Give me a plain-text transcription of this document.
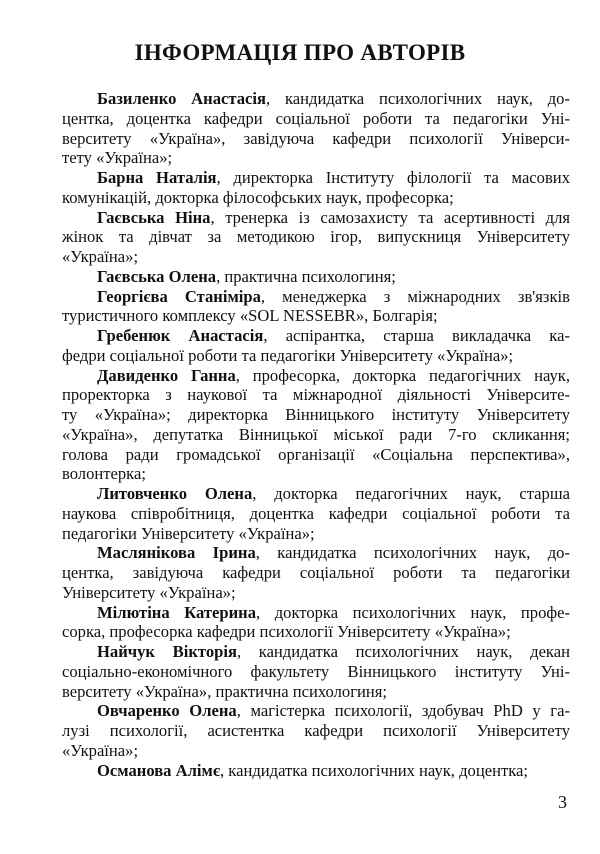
ІНФОРМАЦІЯ ПРО АВТОРІВ
Базиленко Анастасія, кандидатка психологічних наук, до-
центка, доцентка кафедри соціальної роботи та педагогіки Уні-
верситету «Україна», завідуюча кафедри психології Універси-
тету «Україна»;
Барна Наталія, директорка Інституту філології та масових
комунікацій, докторка філософських наук, професорка;
Гаєвська Ніна, тренерка із самозахисту та асертивності для
жінок та дівчат за методикою ігор, випускниця Університету
«Україна»;
Гаєвська Олена, практична психологиня;
Георгієва Станіміра, менеджерка з міжнародних зв'язків
туристичного комплексу «SOL NESSEBR», Болгарія;
Гребенюк Анастасія, аспірантка, старша викладачка ка-
федри соціальної роботи та педагогіки Університету «Україна»;
Давиденко Ганна, професорка, докторка педагогічних наук,
проректорка з наукової та міжнародної діяльності Університе-
ту «Україна»; директорка Вінницького інституту Університету
«Україна», депутатка Вінницької міської ради 7-го скликання;
голова ради громадської організації «Соціальна перспектива»,
волонтерка;
Литовченко Олена, докторка педагогічних наук, старша
наукова співробітниця, доцентка кафедри соціальної роботи та
педагогіки Університету «Україна»;
Маслянікова Ірина, кандидатка психологічних наук, до-
центка, завідуюча кафедри соціальної роботи та педагогіки
Університету «Україна»;
Мілютіна Катерина, докторка психологічних наук, профе-
сорка, професорка кафедри психології Університету «Україна»;
Найчук Вікторія, кандидатка психологічних наук, декан
соціально-економічного факультету Вінницького інституту Уні-
верситету «Україна», практична психологиня;
Овчаренко Олена, магістерка психології, здобувач PhD у га-
лузі психології, асистентка кафедри психології Університету
«Україна»;
Османова Алімє, кандидатка психологічних наук, доцентка;
3
